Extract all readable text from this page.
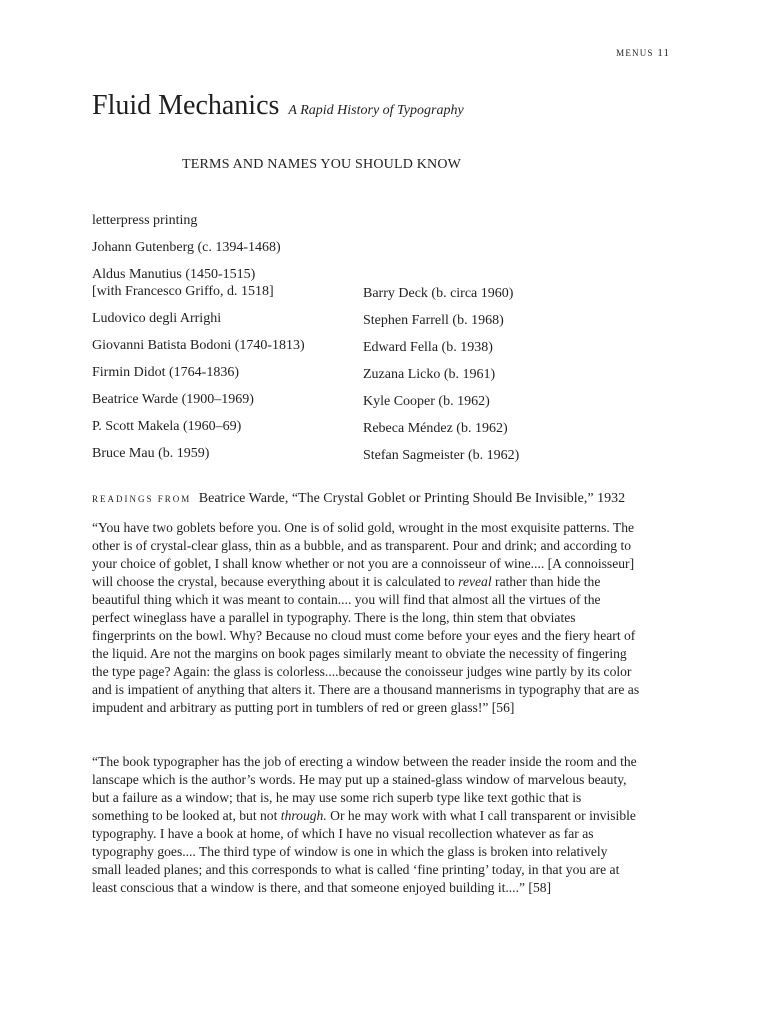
MENUS 11
Fluid Mechanics A Rapid History of Typography
TERMS AND NAMES YOU SHOULD KNOW
letterpress printing
Johann Gutenberg (c. 1394-1468)
Aldus Manutius (1450-1515)
[with Francesco Griffo, d. 1518]
Ludovico degli Arrighi
Giovanni Batista Bodoni (1740-1813)
Firmin Didot (1764-1836)
Beatrice Warde (1900–1969)
P. Scott Makela (1960–69)
Bruce Mau (b. 1959)
Barry Deck (b. circa 1960)
Stephen Farrell (b. 1968)
Edward Fella (b. 1938)
Zuzana Licko (b. 1961)
Kyle Cooper (b. 1962)
Rebeca Méndez (b. 1962)
Stefan Sagmeister (b. 1962)
READINGS FROM Beatrice Warde, “The Crystal Goblet or Printing Should Be Invisible,” 1932
“You have two goblets before you. One is of solid gold, wrought in the most exquisite patterns. The other is of crystal-clear glass, thin as a bubble, and as transparent. Pour and drink; and according to your choice of goblet, I shall know whether or not you are a connoisseur of wine.... [A connoisseur] will choose the crystal, because everything about it is calculated to reveal rather than hide the beautiful thing which it was meant to contain.... you will find that almost all the virtues of the perfect wineglass have a parallel in typography. There is the long, thin stem that obviates fingerprints on the bowl. Why? Because no cloud must come before your eyes and the fiery heart of the liquid. Are not the margins on book pages similarly meant to obviate the necessity of fingering the type page? Again: the glass is colorless....because the conoisseur judges wine partly by its color and is impatient of anything that alters it. There are a thousand mannerisms in typography that are as impudent and arbitrary as putting port in tumblers of red or green glass!” [56]
“The book typographer has the job of erecting a window between the reader inside the room and the lanscape which is the author’s words. He may put up a stained-glass window of marvelous beauty, but a failure as a window; that is, he may use some rich superb type like text gothic that is something to be looked at, but not through. Or he may work with what I call transparent or invisible typography. I have a book at home, of which I have no visual recollection whatever as far as typography goes.... The third type of window is one in which the glass is broken into relatively small leaded planes; and this corresponds to what is called ‘fine printing’ today, in that you are at least conscious that a window is there, and that someone enjoyed building it....” [58]
